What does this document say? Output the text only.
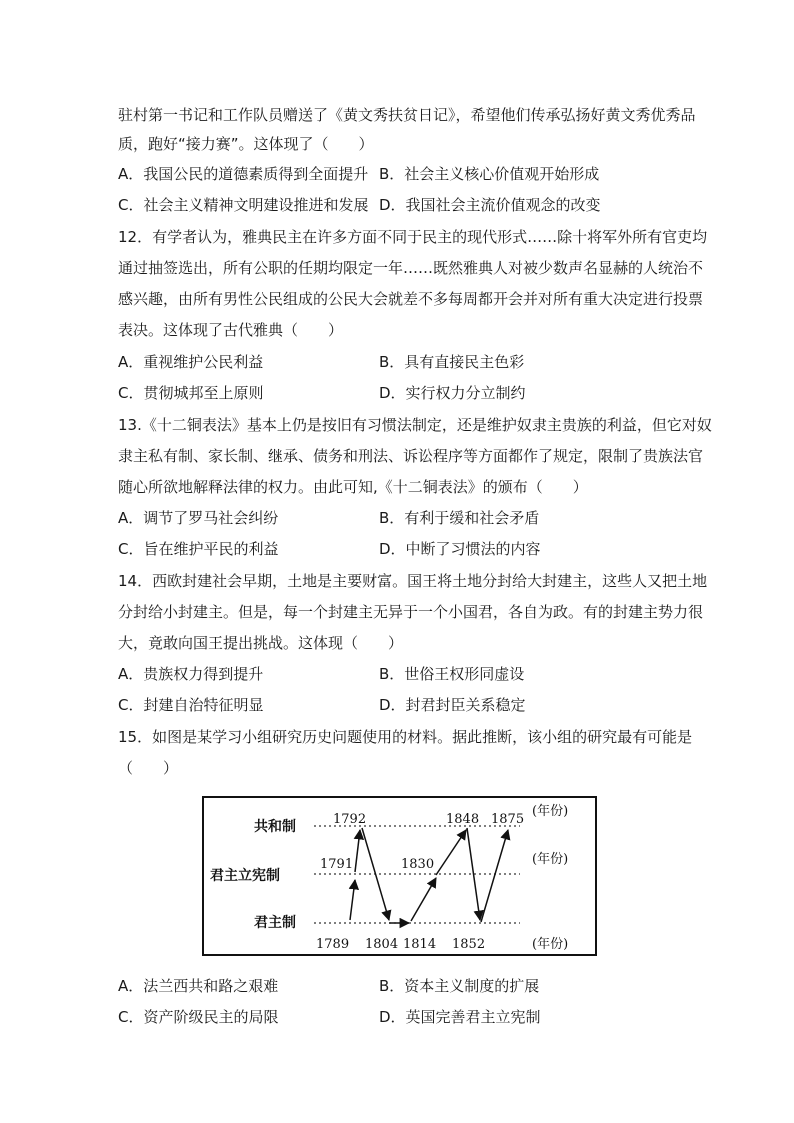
驻村第一书记和工作队员赠送了《黄文秀扶贫日记》，希望他们传承弘扬好黄文秀优秀品
质，跑好“接力赛”。这体现了（　　）
A．我国公民的道德素质得到全面提升 B．社会主义核心价值观开始形成
C．社会主义精神文明建设推进和发展 D．我国社会主流价值观念的改变
12．有学者认为，雅典民主在许多方面不同于民主的现代形式……除十将军外所有官吏均
通过抽签选出，所有公职的任期均限定一年……既然雅典人对被少数声名显赫的人统治不
感兴趣，由所有男性公民组成的公民大会就差不多每周都开会并对所有重大决定进行投票
表决。这体现了古代雅典（　　）
A．重视维护公民利益	B．具有直接民主色彩
C．贯彻城邦至上原则	D．实行权力分立制约
13.《十二铜表法》基本上仍是按旧有习惯法制定，还是维护奴隶主贵族的利益，但它对奴
隶主私有制、家长制、继承、债务和刑法、诉讼程序等方面都作了规定，限制了贵族法官
随心所欲地解释法律的权力。由此可知,《十二铜表法》的颁布（　　）
A．调节了罗马社会纠纷	B．有利于缓和社会矛盾
C．旨在维护平民的利益	D．中断了习惯法的内容
14．西欧封建社会早期，土地是主要财富。国王将土地分封给大封建主，这些人又把土地
分封给小封建主。但是，每一个封建主无异于一个小国君，各自为政。有的封建主势力很
大，竟敢向国王提出挑战。这体现（　　）
A．贵族权力得到提升	B．世俗王权形同虚设
C．封建自治特征明显	D．封君封臣关系稳定
15．如图是某学习小组研究历史问题使用的材料。据此推断，该小组的研究最有可能是
（　　）
共和制
君主立宪制
君主制
(年份)
(年份)
(年份)
1789
1791
1792
1804 1814
1830
1848
1852
1875
A．法兰西共和路之艰难	B．资本主义制度的扩展
C．资产阶级民主的局限	D．英国完善君主立宪制
